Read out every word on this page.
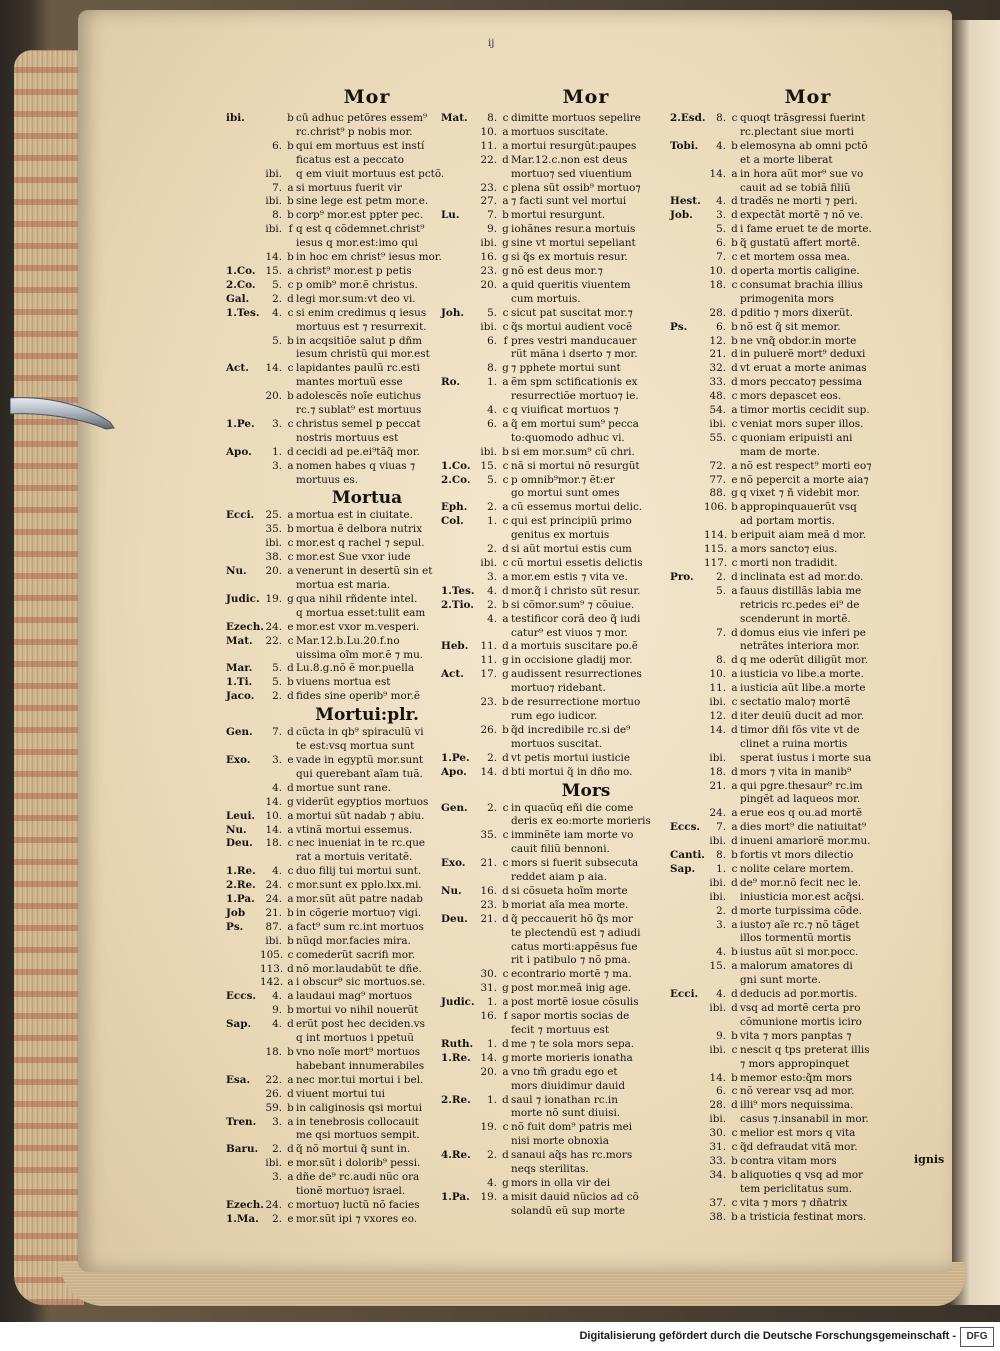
ij
Mor
ibi.	b cū adhuc petõres essem⁹
rc.christ⁹ p nobis mor.
6. b qui em mortuus est instí
ficatus est a peccato
ibi. q em viuit mortuus est pctõ.
7. a si mortuus fuerit vir
ibi. b sine lege est petm mor.e.
8. b corp⁹ mor.est ppter pec.
ibi. f q est q cõdemnet.christ⁹
iesus q mor.est:imo qui
14. b in hoc em christ⁹ iesus mor.
1.Co. 15. a christ⁹ mor.est p petis
2.Co.	5. c p omib⁹ mor.ẽ christus.
Gal.	2. d legi mor.sum:vt deo vi.
1.Tes.	4. c si enim credimus q iesus
mortuus est ⁊ resurrexit.
5. b in acqsitiõe salut p dñm
iesum christũ qui mor.est
Act.	14. c lapidantes paulũ rc.esti
mantes mortuũ esse
20. b adolescẽs noĩe eutichus
rc.⁊ sublat⁹ est mortuus
1.Pe.	3. c christus semel p peccat
nostris mortuus est
Apo.	1. d cecidi ad pe.ei⁹tãq̃ mor.
3. a nomen habes q viuas ⁊
mortuus es.
Mortua
Ecci.	25. a mortua est in ciuitate.
35. b mortua ẽ delbora nutrix
ibi. c mor.est q rachel ⁊ sepul.
38. c mor.est Sue vxor iude
Nu.	20. a venerunt in desertũ sin et
mortua est maria.
Judic. 19. g qua nihil rñdente intel.
q mortua esset:tulit eam
Ezech. 24. e mor.est vxor m.vesperi.
Mat.	22. c Mar.12.b.Lu.20.f.no
uissima oĩm mor.ẽ ⁊ mu.
Mar.	5. d Lu.8.g.nõ ẽ mor.puella
1.Ti.	5. b viuens mortua est
Jaco.	2. d fides sine operib⁹ mor.ẽ
Mortui:plr.
Gen.	7. d cũcta in qb⁹ spiraculũ vi
te est:vsq mortua sunt
Exo.	3. e vade in egyptũ mor.sunt
qui querebant aĩam tuã.
4. d mortue sunt rane.
14. g viderũt egyptios mortuos
Leui.	10. a mortui sũt nadab ⁊ abiu.
Nu.	14. a vtinã mortui essemus.
Deu.	18. c nec inueniat in te rc.que
rat a mortuis veritatẽ.
1.Re.	4. c duo filij tui mortui sunt.
2.Re. 24. c mor.sunt ex pplo.lxx.mi.
1.Pa.	24. a mor.sũt aũt patre nadab
Job	21. b in cõgerie mortuo⁊ vigi.
Ps.	87. a fact⁹ sum rc.int mortuos
ibi. b nũqd mor.facies mira.
105. c comederũt sacrifi mor.
113. d nõ mor.laudabũt te dñe.
142. a i obscur⁹ sic mortuos.se.
Eccs.	4. a laudaui mag⁹ mortuos
9. b mortui vo nihil nouerũt
Sap.	4. d erũt post hec deciden.vs
q int mortuos i ppetuũ
18. b vno noĩe mort⁹ mortuos
habebant innumerabiles
Esa.	22. a nec mor.tui mortui i bel.
26. d viuent mortui tui
59. b in caliginosis qsi mortui
Tren.	3. a in tenebrosis collocauit
me qsi mortuos sempit.
Baru.	2. d q̃ nõ mortui q̃ sunt in.
ibi. e mor.sũt i dolorib⁹ pessi.
3. a dñe de⁹ rc.audi nũc ora
tionẽ mortuo⁊ israel.
Ezech. 24. c mortuo⁊ luctũ nõ facies
1.Ma.	2. e mor.sũt ipi ⁊ vxores eo.
Mor
Mat.	8. c dimitte mortuos sepelire
10. a mortuos suscitate.
11. a mortui resurgũt:paupes
22. d Mar.12.c.non est deus
mortuo⁊ sed viuentium
23. c plena sũt ossib⁹ mortuo⁊
27. a ⁊ facti sunt vel mortui
Lu.	7. b mortui resurgunt.
9. g iohãnes resur.a mortuis
ibi. g sine vt mortui sepeliant
16. g si q̃s ex mortuis resur.
23. g nõ est deus mor.⁊
20. a quid queritis viuentem
cum mortuis.
Joh.	5. c sicut pat suscitat mor.⁊
ibi. c q̃s mortui audient vocẽ
6. f pres vestri manducauer
rũt mãna i dserto ⁊ mor.
8. g ⁊ pphete mortui sunt
Ro.	1. a ẽm spm sctificationis ex
resurrectiõe mortuo⁊ ie.
4. c q viuificat mortuos ⁊
6. a q̃ em mortui sum⁹ pecca
to:quomodo adhuc vi.
ibi. b si em mor.sum⁹ cũ chri.
1.Co. 15. c nã si mortui nõ resurgũt
2.Co.	5. c p omnib⁹mor.⁊ ẽt:er
go mortui sunt omes
Eph.	2. a cũ essemus mortui delic.
Col.	1. c qui est principiũ primo
genitus ex mortuis
2. d si aũt mortui estis cum
ibi. c cũ mortui essetis delictis
3. a mor.em estis ⁊ vita ve.
1.Tes.	4. d mor.q̃ i christo sũt resur.
2.Tio.	2. b si cõmor.sum⁹ ⁊ cõuiue.
4. a testificor corã deo q̃ iudi
catur⁹ est viuos ⁊ mor.
Heb.	11. d a mortuis suscitare po.ẽ
11. g in occisione gladij mor.
Act.	17. g audissent resurrectiones
mortuo⁊ ridebant.
23. b de resurrectione mortuo
rum ego iudicor.
26. b q̃d incredibile rc.si de⁹
mortuos suscitat.
1.Pe.	2. d vt petis mortui iusticie
Apo.	14. d bti mortui q̃ in dño mo.
Mors
Gen.	2. c in quacũq eñi die come
deris ex eo:morte morieris
35. c imminẽte iam morte vo
cauit filiũ bennoni.
Exo.	21. c mors si fuerit subsecuta
reddet aiam p aia.
Nu.	16. d si cõsueta hoĩm morte
23. b moriat aĩa mea morte.
Deu.	21. d q̃ peccauerit hõ q̃s mor
te plectendũ est ⁊ adiudi
catus morti:appẽsus fue
rit i patibulo ⁊ nõ pma.
30. c econtrario mortẽ ⁊ ma.
31. g post mor.meã inig age.
Judic.	1. a post mortẽ iosue cõsulis
16. f sapor mortis socias de
fecit ⁊ mortuus est
Ruth.	1. d me ⁊ te sola mors sepa.
1.Re. 14. g morte morieris ionatha
20. a vno tm̃ gradu ego et
mors diuidimur dauid
2.Re.	1. d saul ⁊ ionathan rc.in
morte nõ sunt diuisi.
19. c nõ fuit dom⁹ patris mei
nisi morte obnoxia
4.Re.	2. d sanaui aq̃s has rc.mors
neqs sterilitas.
4. g mors in olla vir dei
1.Pa.	19. a misit dauid nũcios ad cõ
solandũ eũ sup morte
Mor
2.Esd.	8. c quoqt trãsgressi fuerint
rc.plectant siue morti
Tobi.	4. b elemosyna ab omni pctõ
et a morte liberat
14. a in hora aũt mor⁹ sue vo
cauit ad se tobiã filiũ
Hest.	4. d tradẽs ne morti ⁊ peri.
Job.	3. d expectãt mortẽ ⁊ nõ ve.
5. d i fame eruet te de morte.
6. b q̃ gustatũ affert mortẽ.
7. c et mortem ossa mea.
10. d operta mortis caligine.
18. c consumat brachia illius
primogenita mors
28. d pditio ⁊ mors dixerũt.
Ps.	6. b nõ est q̃ sit memor.
12. b ne vnq̃ obdor.in morte
21. d in puluerẽ mort⁹ deduxi
32. d vt eruat a morte animas
33. d mors peccato⁊ pessima
48. c mors depascet eos.
54. a timor mortis cecidit sup.
ibi. c veniat mors super illos.
55. c quoniam eripuisti ani
mam de morte.
72. a nõ est respect⁹ morti eo⁊
77. e nõ pepercit a morte aia⁊
88. g q vixet ⁊ ñ videbit mor.
106. b appropinquauerũt vsq
ad portam mortis.
114. b eripuit aiam meã d mor.
115. a mors sancto⁊ eius.
117. c morti non tradidit.
Pro.	2. d inclinata est ad mor.do.
5. a fauus distillãs labia me
retricis rc.pedes ei⁹ de
scenderunt in mortẽ.
7. d domus eius vie inferi pe
netrãtes interiora mor.
8. d q me oderũt diligũt mor.
10. a iusticia vo libe.a morte.
11. a iusticia aũt libe.a morte
ibi. c sectatio malo⁊ mortẽ
12. d iter deuiũ ducit ad mor.
14. d timor dñi fõs vite vt de
clinet a ruina mortis
ibi. sperat iustus i morte sua
18. d mors ⁊ vita in manib⁹
21. a qui pgre.thesaur⁹ rc.im
pingẽt ad laqueos mor.
24. a erue eos q ou.ad mortẽ
Eccs.	7. a dies mort⁹ die natiuitat⁹
ibi. d inueni amariorẽ mor.mu.
Canti.	8. b fortis vt mors dilectio
Sap.	1. c nolite celare mortem.
ibi. d de⁹ mor.nõ fecit nec le.
ibi. iniusticia mor.est acq̃si.
2. d morte turpissima cõde.
3. a iusto⁊ aĩe rc.⁊ nõ tãget
illos tormentũ mortis
4. b iustus aũt si mor.pocc.
15. a malorum amatores di
gni sunt morte.
Ecci.	4. d deducis ad por.mortis.
ibi. d vsq ad mortẽ certa pro
cõmunione mortis iciro
9. b vita ⁊ mors panptas ⁊
ibi. c nescit q tps preterat illis
⁊ mors appropinquet
14. b memor esto:q̃m mors
6. c nõ verear vsq ad mor.
28. d illi⁹ mors nequissima.
ibi. casus ⁊.insanabil in mor.
30. c melior est mors q vita
31. c q̃d defraudat vitã mor.
33. b contra vitam mors
34. b aliquoties q vsq ad mor
tem periclitatus sum.
37. c vita ⁊ mors ⁊ dñatrix
38. b a tristicia festinat mors.
ignis
Digitalisierung gefördert durch die Deutsche Forschungsgemeinschaft -	DFG
